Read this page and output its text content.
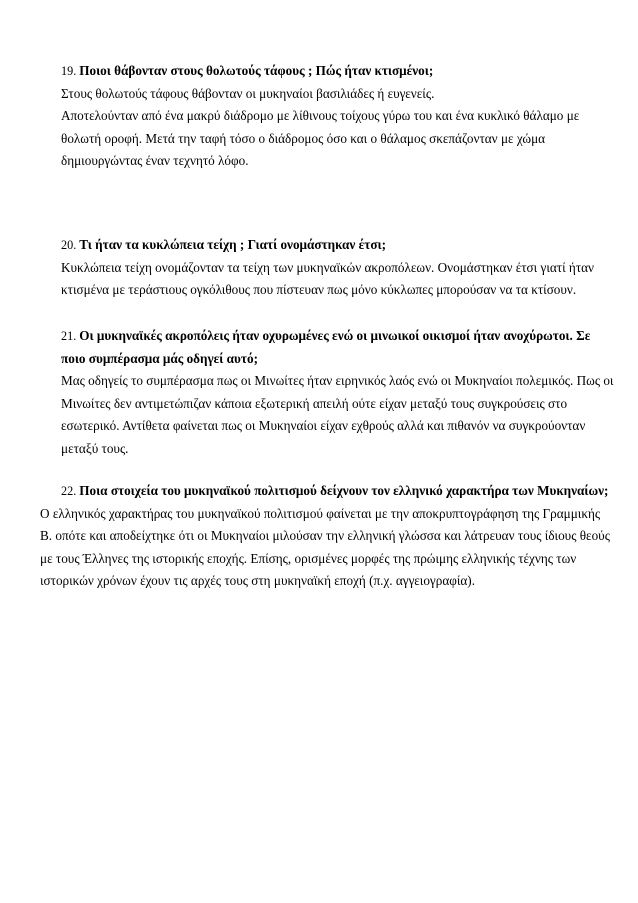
19. Ποιοι θάβονταν στους θολωτούς τάφους ; Πώς ήταν κτισμένοι;
Στους θολωτούς τάφους θάβονταν οι μυκηναίοι βασιλιάδες ή ευγενείς.
Αποτελούνταν από ένα μακρύ διάδρομο με λίθινους τοίχους γύρω του και ένα κυκλικό θάλαμο με
θολωτή οροφή. Μετά την ταφή τόσο ο διάδρομος όσο και ο θάλαμος σκεπάζονταν με χώμα
δημιουργώντας έναν τεχνητό λόφο.
20. Τι ήταν τα κυκλώπεια τείχη ; Γιατί ονομάστηκαν έτσι;
Κυκλώπεια τείχη ονομάζονταν τα τείχη των μυκηναϊκών ακροπόλεων. Ονομάστηκαν έτσι γιατί ήταν
κτισμένα με τεράστιους ογκόλιθους που πίστευαν πως μόνο κύκλωπες μπορούσαν να τα κτίσουν.
21. Οι μυκηναϊκές ακροπόλεις ήταν οχυρωμένες ενώ οι μινωικοί οικισμοί ήταν ανοχύρωτοι. Σε
ποιο συμπέρασμα μάς οδηγεί αυτό;
Μας οδηγείς το συμπέρασμα πως οι Μινωίτες ήταν ειρηνικός λαός ενώ οι Μυκηναίοι πολεμικός. Πως οι
Μινωίτες δεν αντιμετώπιζαν κάποια εξωτερική απειλή ούτε είχαν μεταξύ τους συγκρούσεις στο
εσωτερικό. Αντίθετα φαίνεται πως οι Μυκηναίοι είχαν εχθρούς αλλά και πιθανόν να συγκρούονταν
μεταξύ τους.
22. Ποια στοιχεία του μυκηναϊκού πολιτισμού δείχνουν τον ελληνικό χαρακτήρα των Μυκηναίων;
Ο ελληνικός χαρακτήρας του μυκηναϊκού πολιτισμού φαίνεται με την αποκρυπτογράφηση της Γραμμικής
Β. οπότε και αποδείχτηκε ότι οι Μυκηναίοι μιλούσαν την ελληνική γλώσσα και λάτρευαν τους ίδιους θεούς
με τους Έλληνες της ιστορικής εποχής. Επίσης, ορισμένες μορφές της πρώιμης ελληνικής τέχνης των
ιστορικών χρόνων έχουν τις αρχές τους στη μυκηναϊκή εποχή (π.χ. αγγειογραφία).
